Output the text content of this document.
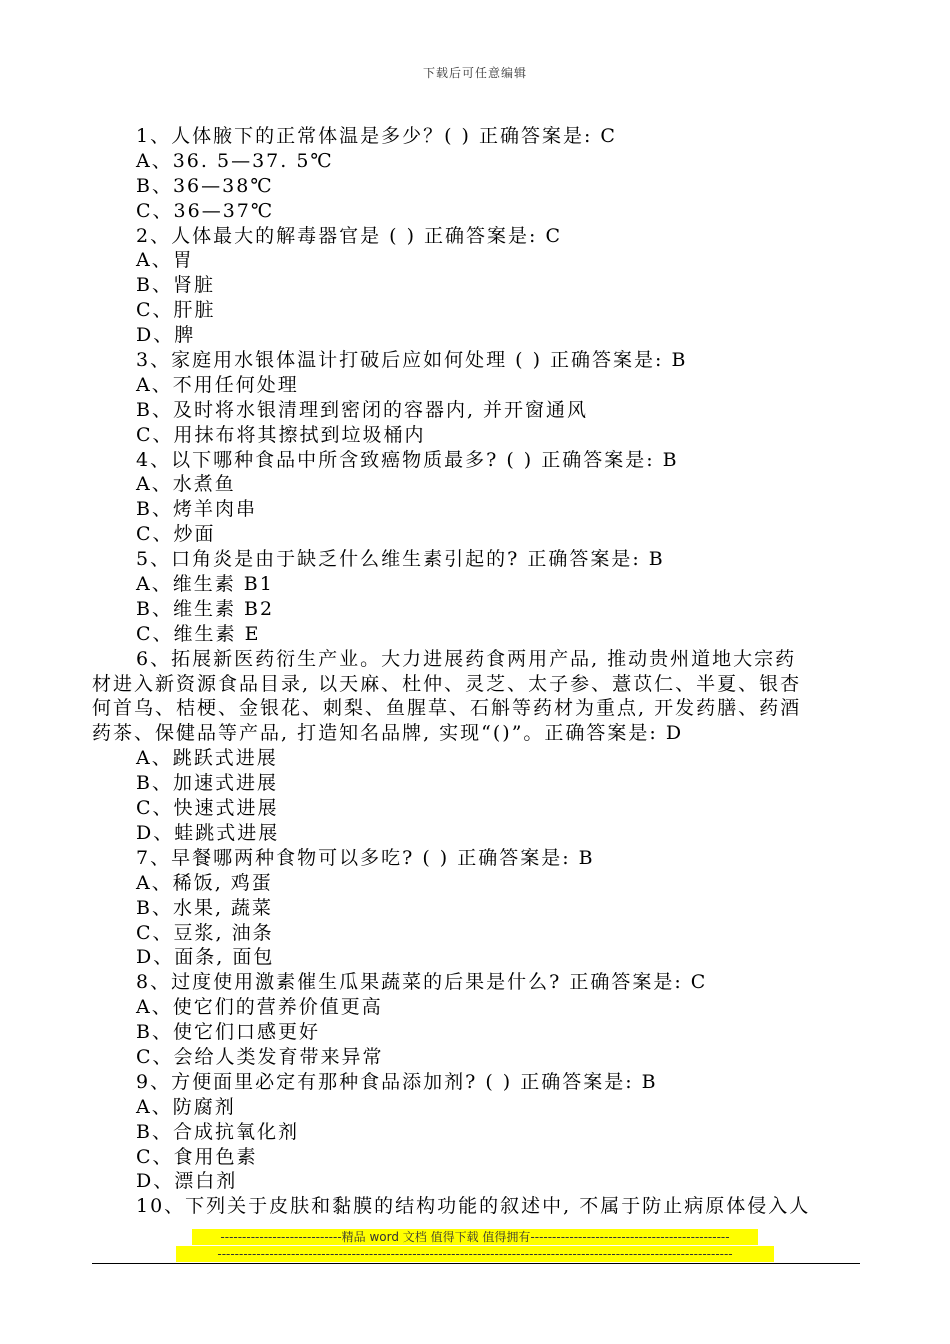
下载后可任意编辑
1、人体腋下的正常体温是多少？( ) 正确答案是: C
A、36. 5—37. 5℃
B、36—38℃
C、36—37℃
2、人体最大的解毒器官是 ( ) 正确答案是: C
A、胃
B、肾脏
C、肝脏
D、脾
3、家庭用水银体温计打破后应如何处理 ( ) 正确答案是: B
A、不用任何处理
B、及时将水银清理到密闭的容器内, 并开窗通风
C、用抹布将其擦拭到垃圾桶内
4、以下哪种食品中所含致癌物质最多? ( ) 正确答案是: B
A、水煮鱼
B、烤羊肉串
C、炒面
5、口角炎是由于缺乏什么维生素引起的? 正确答案是: B
A、维生素 B1
B、维生素 B2
C、维生素 E
6、拓展新医药衍生产业。大力进展药食两用产品, 推动贵州道地大宗药
材进入新资源食品目录, 以天麻、杜仲、灵芝、太子参、薏苡仁、半夏、银杏
何首乌、桔梗、金银花、刺梨、鱼腥草、石斛等药材为重点, 开发药膳、药酒
药茶、保健品等产品, 打造知名品牌, 实现“()”。正确答案是: D
A、跳跃式进展
B、加速式进展
C、快速式进展
D、蛙跳式进展
7、早餐哪两种食物可以多吃? ( ) 正确答案是: B
A、稀饭, 鸡蛋
B、水果, 蔬菜
C、豆浆, 油条
D、面条, 面包
8、过度使用激素催生瓜果蔬菜的后果是什么? 正确答案是: C
A、使它们的营养价值更高
B、使它们口感更好
C、会给人类发育带来异常
9、方便面里必定有那种食品添加剂? ( ) 正确答案是: B
A、防腐剂
B、合成抗氧化剂
C、食用色素
D、漂白剂
10、下列关于皮肤和黏膜的结构功能的叙述中, 不属于防止病原体侵入人
----------------------------精品 word 文档 值得下载 值得拥有----------------------------------------------
-----------------------------------------------------------------------------------------------------------------------
